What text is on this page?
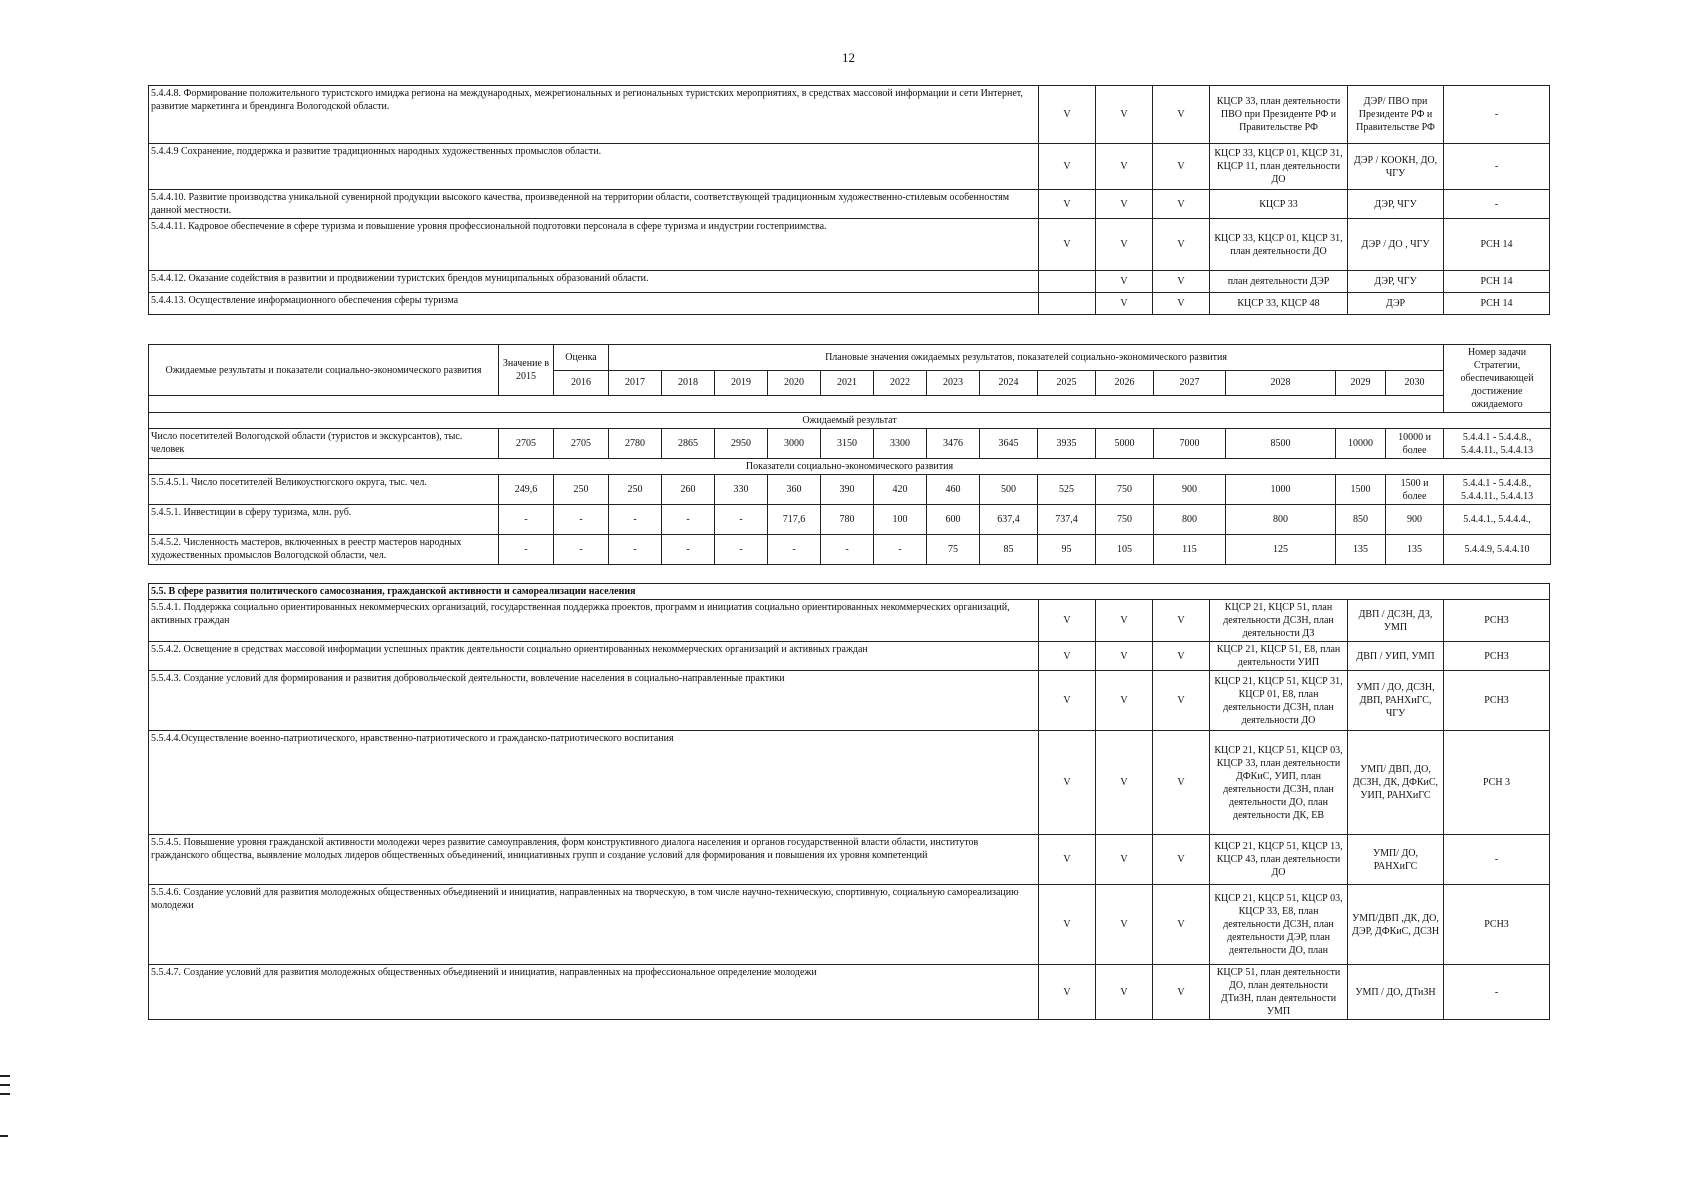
12
5.4.4.8. Формирование положительного туристского имиджа региона на международных, межрегиональных и региональных туристских мероприятиях, в средствах массовой информации и сети Интернет, развитие маркетинга и брендинга Вологодской области.	V	V	V	КЦСР 33, план деятельности ПВО при Президенте РФ и Правительстве РФ	ДЭР/ ПВО при Президенте РФ и Правительстве РФ	-
5.4.4.9 Сохранение, поддержка и развитие традиционных народных художественных промыслов области.	V	V	V	КЦСР 33, КЦСР 01, КЦСР 31, КЦСР 11, план деятельности ДО	ДЭР / КООКН, ДО, ЧГУ	-
5.4.4.10. Развитие производства уникальной сувенирной продукции высокого качества, произведенной на территории области, соответствующей традиционным художественно-стилевым особенностям данной местности.	V	V	V	КЦСР 33	ДЭР, ЧГУ	-
5.4.4.11. Кадровое обеспечение в сфере туризма и повышение уровня профессиональной подготовки персонала в сфере туризма и индустрии гостеприимства.	V	V	V	КЦСР 33, КЦСР 01, КЦСР 31, план деятельности ДО	ДЭР / ДО , ЧГУ	РСН 14
5.4.4.12. Оказание содействия в развитии и продвижении туристских брендов муниципальных образований области.		V	V	план деятельности ДЭР	ДЭР, ЧГУ	РСН 14
5.4.4.13. Осуществление информационного обеспечения сферы туризма		V	V	КЦСР 33, КЦСР 48	ДЭР	РСН 14
Ожидаемые результаты и показатели социально-экономического развития	Значение в 2015	Оценка	Плановые значения ожидаемых результатов, показателей социально-экономического развития														Номер задачи Стратегии, обеспечивающей достижение ожидаемого
		2016	2017	2018	2019	2020	2021	2022	2023	2024	2025	2026	2027	2028	2029	2030	

Ожидаемый результат																	
Число посетителей Вологодской области (туристов и экскурсантов), тыс. человек	2705	2705	2780	2865	2950	3000	3150	3300	3476	3645	3935	5000	7000	8500	10000	10000 и более	5.4.4.1 - 5.4.4.8., 5.4.4.11., 5.4.4.13
Показатели социально-экономического развития																	
5.5.4.5.1. Число посетителей Великоустюгского округа, тыс. чел.	249,6	250	250	260	330	360	390	420	460	500	525	750	900	1000	1500	1500 и более	5.4.4.1 - 5.4.4.8., 5.4.4.11., 5.4.4.13
5.4.5.1. Инвестиции в сферу туризма, млн. руб.	-	-	-	-	-	717,6	780	100	600	637,4	737,4	750	800	800	850	900	5.4.4.1., 5.4.4.4.,
5.4.5.2. Численность мастеров, включенных в реестр мастеров народных художественных промыслов Вологодской области, чел.	-	-	-	-	-	-	-	-	75	85	95	105	115	125	135	135	5.4.4.9, 5.4.4.10
5.5. В сфере развития политического самосознания, гражданской активности и самореализации населения						
5.5.4.1. Поддержка социально ориентированных некоммерческих организаций, государственная поддержка проектов, программ и инициатив социально ориентированных некоммерческих организаций, активных граждан	V	V	V	КЦСР 21, КЦСР 51, план деятельности ДСЗН, план деятельности ДЗ	ДВП / ДСЗН, ДЗ, УМП	РСН3
5.5.4.2. Освещение в средствах массовой информации успешных практик деятельности социально ориентированных некоммерческих организаций и активных граждан	V	V	V	КЦСР 21, КЦСР 51, Е8, план деятельности УИП	ДВП / УИП, УМП	РСН3
5.5.4.3. Создание условий для формирования и развития добровольческой деятельности, вовлечение населения в социально-направленные практики	V	V	V	КЦСР 21, КЦСР 51, КЦСР 31, КЦСР 01, Е8, план деятельности ДСЗН, план деятельности ДО	УМП / ДО, ДСЗН, ДВП, РАНХиГС, ЧГУ	РСН3
5.5.4.4.Осуществление военно-патриотического, нравственно-патриотического и гражданско-патриотического воспитания	V	V	V	КЦСР 21, КЦСР 51, КЦСР 03, КЦСР 33, план деятельности ДФКиС, УИП, план деятельности ДСЗН, план деятельности ДО, план деятельности ДК, ЕВ	УМП/ ДВП, ДО, ДСЗН, ДК, ДФКиС, УИП, РАНХиГС	РСН 3
5.5.4.5. Повышение уровня гражданской активности молодежи через развитие самоуправления, форм конструктивного диалога населения и органов государственной власти области, институтов гражданского общества, выявление молодых лидеров общественных объединений, инициативных групп и создание условий для формирования и повышения их уровня компетенций	V	V	V	КЦСР 21, КЦСР 51, КЦСР 13, КЦСР 43, план деятельности ДО	УМП/ ДО, РАНХиГС	-
5.5.4.6. Создание условий для развития молодежных общественных объединений и инициатив, направленных на творческую, в том числе научно-техническую, спортивную, социальную самореализацию молодежи	V	V	V	КЦСР 21, КЦСР 51, КЦСР 03, КЦСР 33, Е8, план деятельности ДСЗН, план деятельности ДЭР, план деятельности ДО, план	УМП/ДВП ,ДК, ДО, ДЭР, ДФКиС, ДСЗН	РСН3
5.5.4.7. Создание условий для развития молодежных общественных объединений и инициатив, направленных на профессиональное определение молодежи	V	V	V	КЦСР 51, план деятельности ДО, план деятельности ДТиЗН, план деятельности УМП	УМП / ДО, ДТиЗН	-
